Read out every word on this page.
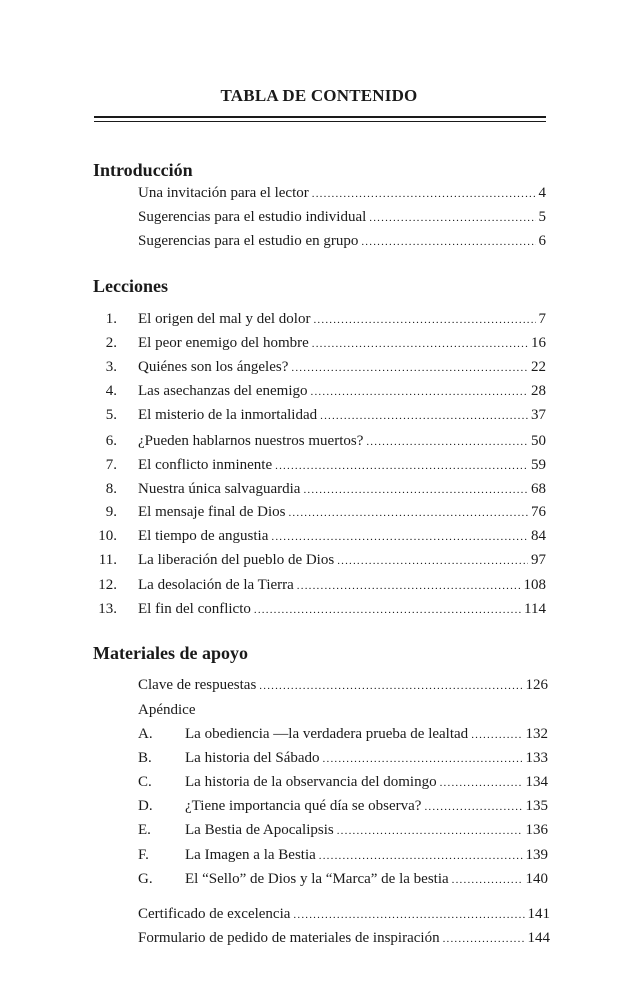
TABLA DE CONTENIDO
Introducción
Una invitación para el lector .....	4
Sugerencias para el estudio individual .....	5
Sugerencias para el estudio en grupo .....	6
Lecciones
1. El origen del mal y del dolor .....	7
2. El peor enemigo del hombre .....	16
3. Quiénes son los ángeles? .....	22
4. Las asechanzas del enemigo .....	28
5. El misterio de la inmortalidad .....	37
6. ¿Pueden hablarnos nuestros muertos? .....	50
7. El conflicto inminente .....	59
8. Nuestra única salvaguardia .....	68
9. El mensaje final de Dios .....	76
10. El tiempo de angustia .....	84
11. La liberación del pueblo de Dios .....	97
12. La desolación de la Tierra .....	108
13. El fin del conflicto .....	114
Materiales de apoyo
Clave de respuestas .....	126
Apéndice
A.	La obediencia —la verdadera prueba de lealtad .....	132
B.	La historia del Sábado .....	133
C.	La historia de la observancia del domingo .....	134
D.	¿Tiene importancia qué día se observa? .....	135
E.	La Bestia de Apocalipsis .....	136
F.	La Imagen a la Bestia .....	139
G.	El “Sello” de Dios y la “Marca” de la bestia .....	140
Certificado de excelencia .....	141
Formulario de pedido de materiales de inspiración .....	144
